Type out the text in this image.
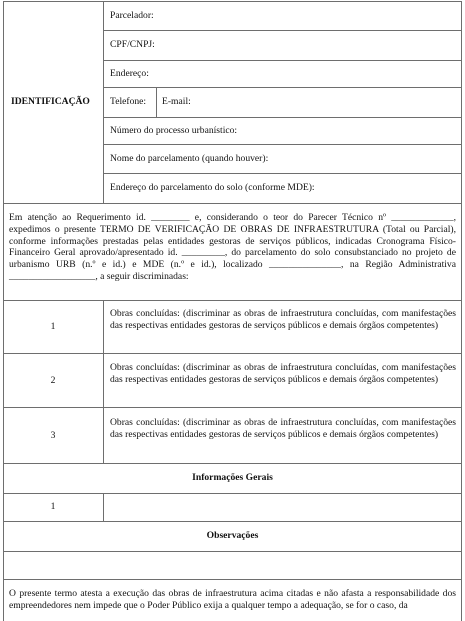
IDENTIFICAÇÃO
Parcelador:
CPF/CNPJ:
Endereço:
Telefone: E-mail:
Número do processo urbanístico:
Nome do parcelamento (quando houver):
Endereço do parcelamento do solo (conforme MDE):
Em atenção ao Requerimento id. ________ e, considerando o teor do Parecer Técnico nº _____________, expedimos o presente TERMO DE VERIFICAÇÃO DE OBRAS DE INFRAESTRUTURA (Total ou Parcial), conforme informações prestadas pelas entidades gestoras de serviços públicos, indicadas Cronograma Físico-Financeiro Geral aprovado/apresentado id. _________, do parcelamento do solo consubstanciado no projeto de urbanismo URB (n.º e id.) e MDE (n.º e id.), localizado _______________, na Região Administrativa __________________, a seguir discriminadas:
1
Obras concluídas: (discriminar as obras de infraestrutura concluídas, com manifestações das respectivas entidades gestoras de serviços públicos e demais órgãos competentes)
2
Obras concluídas: (discriminar as obras de infraestrutura concluídas, com manifestações das respectivas entidades gestoras de serviços públicos e demais órgãos competentes)
3
Obras concluídas: (discriminar as obras de infraestrutura concluídas, com manifestações das respectivas entidades gestoras de serviços públicos e demais órgãos competentes)
Informações Gerais
1
Observações
O presente termo atesta a execução das obras de infraestrutura acima citadas e não afasta a responsabilidade dos empreendedores nem impede que o Poder Público exija a qualquer tempo a adequação, se for o caso, da
